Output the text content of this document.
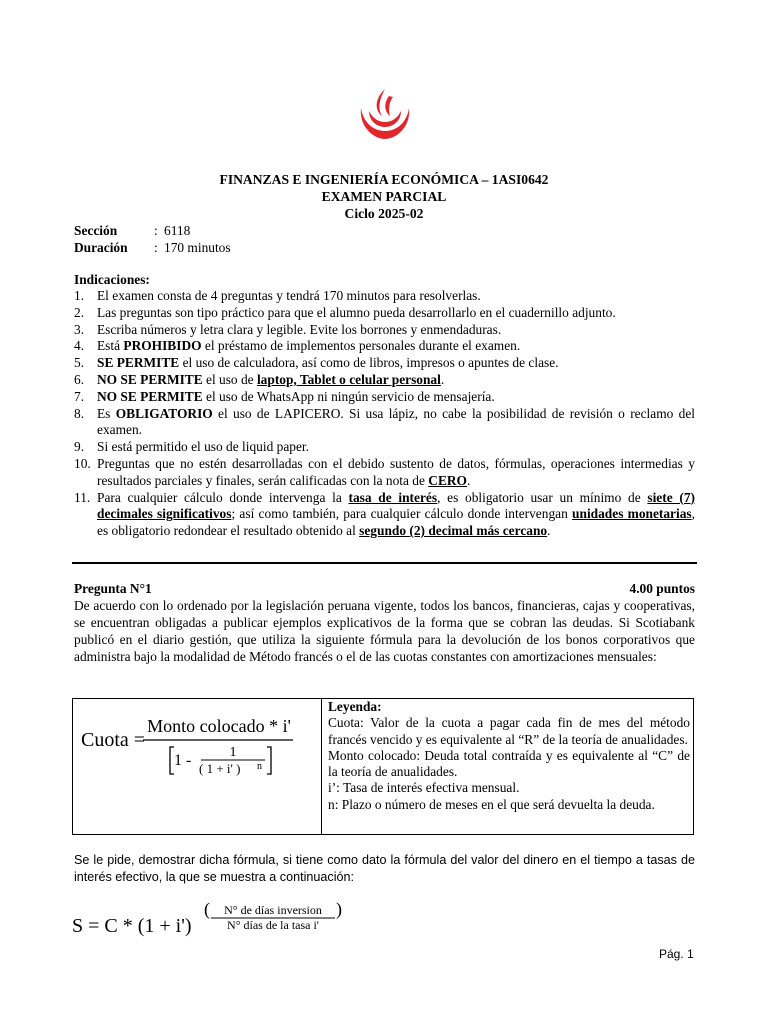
FINANZAS E INGENIERÍA ECONÓMICA – 1ASI0642
EXAMEN PARCIAL
Ciclo 2025-02
Sección	: 6118
Duración : 170 minutos
Indicaciones:
1. El examen consta de 4 preguntas y tendrá 170 minutos para resolverlas.
2. Las preguntas son tipo práctico para que el alumno pueda desarrollarlo en el cuadernillo adjunto.
3. Escriba números y letra clara y legible. Evite los borrones y enmendaduras.
4. Está PROHIBIDO el préstamo de implementos personales durante el examen.
5. SE PERMITE el uso de calculadora, así como de libros, impresos o apuntes de clase.
6. NO SE PERMITE el uso de laptop, Tablet o celular personal.
7. NO SE PERMITE el uso de WhatsApp ni ningún servicio de mensajería.
8. Es OBLIGATORIO el uso de LAPICERO. Si usa lápiz, no cabe la posibilidad de revisión o reclamo del examen.
9. Si está permitido el uso de liquid paper.
10. Preguntas que no estén desarrolladas con el debido sustento de datos, fórmulas, operaciones intermedias y resultados parciales y finales, serán calificadas con la nota de CERO.
11. Para cualquier cálculo donde intervenga la tasa de interés, es obligatorio usar un mínimo de siete (7) decimales significativos; así como también, para cualquier cálculo donde intervengan unidades monetarias, es obligatorio redondear el resultado obtenido al segundo (2) decimal más cercano.
Pregunta N°1	4.00 puntos
De acuerdo con lo ordenado por la legislación peruana vigente, todos los bancos, financieras, cajas y cooperativas, se encuentran obligadas a publicar ejemplos explicativos de la forma que se cobran las deudas. Si Scotiabank publicó en el diario gestión, que utiliza la siguiente fórmula para la devolución de los bonos corporativos que administra bajo la modalidad de Método francés o el de las cuotas constantes con amortizaciones mensuales:
Cuota =
Monto colocado * i'
1 -	1
( 1 + i' ) n
Leyenda:
Cuota: Valor de la cuota a pagar cada fin de mes del método francés vencido y es equivalente al “R” de la teoría de anualidades.
Monto colocado: Deuda total contraída y es equivalente al “C” de la teoría de anualidades.
i’: Tasa de interés efectiva mensual.
n: Plazo o número de meses en el que será devuelta la deuda.
Se le pide, demostrar dicha fórmula, si tiene como dato la fórmula del valor del dinero en el tiempo a tasas de interés efectivo, la que se muestra a continuación:
S = C * (1 + i')
( N° de días inversion
N° días de la tasa i'
)
Pág. 1
